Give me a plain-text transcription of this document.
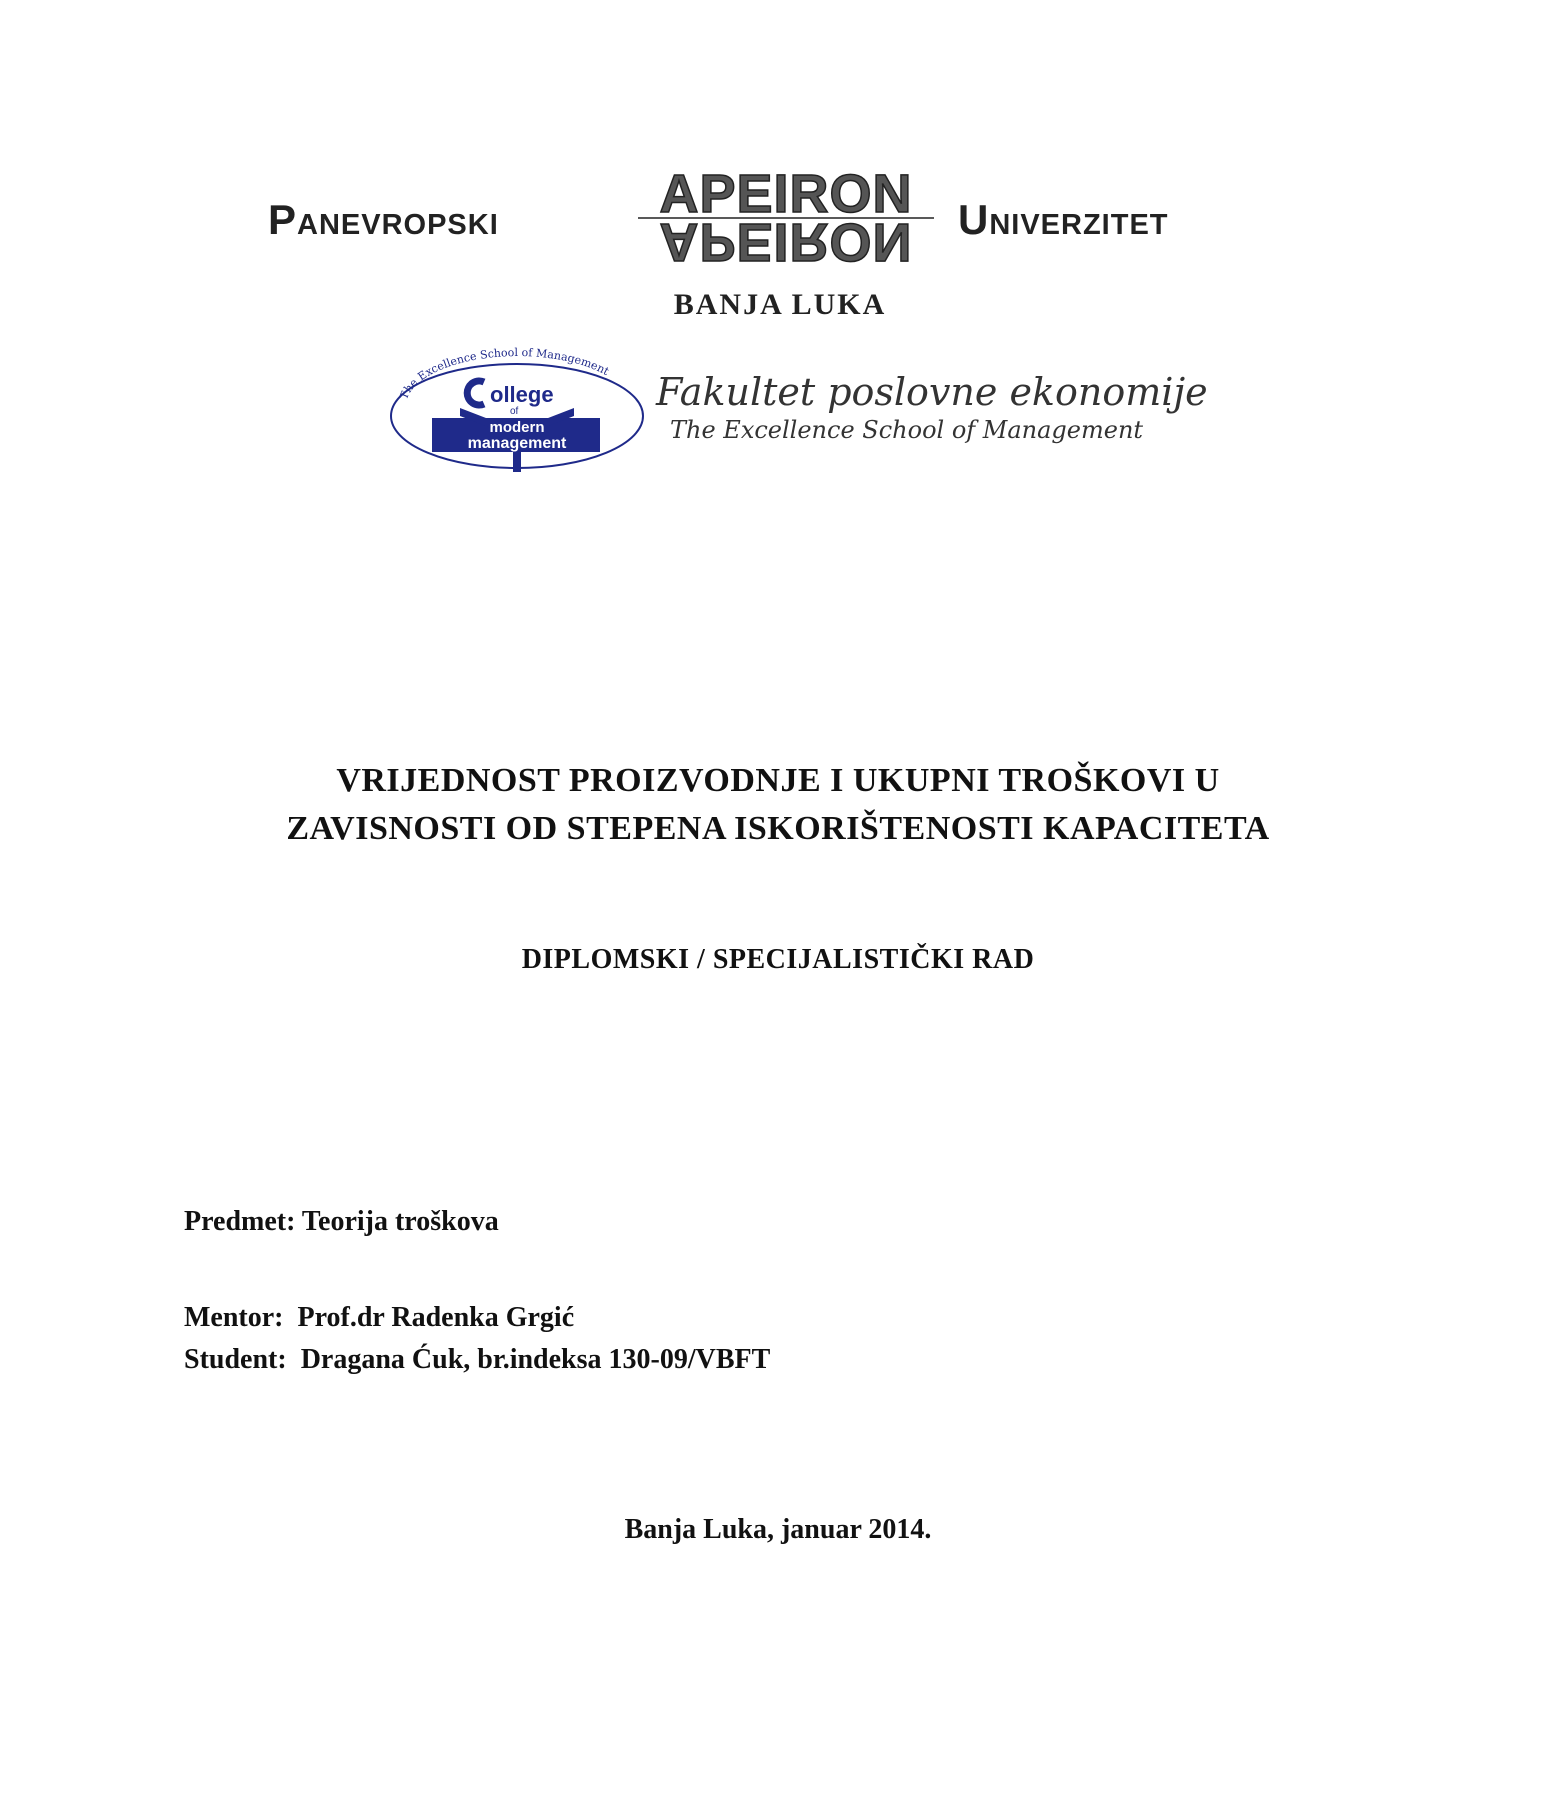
Panevropski	APEIRON
APEIRON Univerzitet
BANJA LUKA
The Excellence School of Management
ollege
of
modern
management
Fakultet poslovne ekonomije
The Excellence School of Management
VRIJEDNOST PROIZVODNJE I UKUPNI TROŠKOVI U
ZAVISNOSTI OD STEPENA ISKORIŠTENOSTI KAPACITETA
DIPLOMSKI / SPECIJALISTIČKI RAD
Predmet: Teorija troškova
Mentor:  Prof.dr Radenka Grgić
Student:  Dragana Ćuk, br.indeksa 130-09/VBFT
Banja Luka, januar 2014.
